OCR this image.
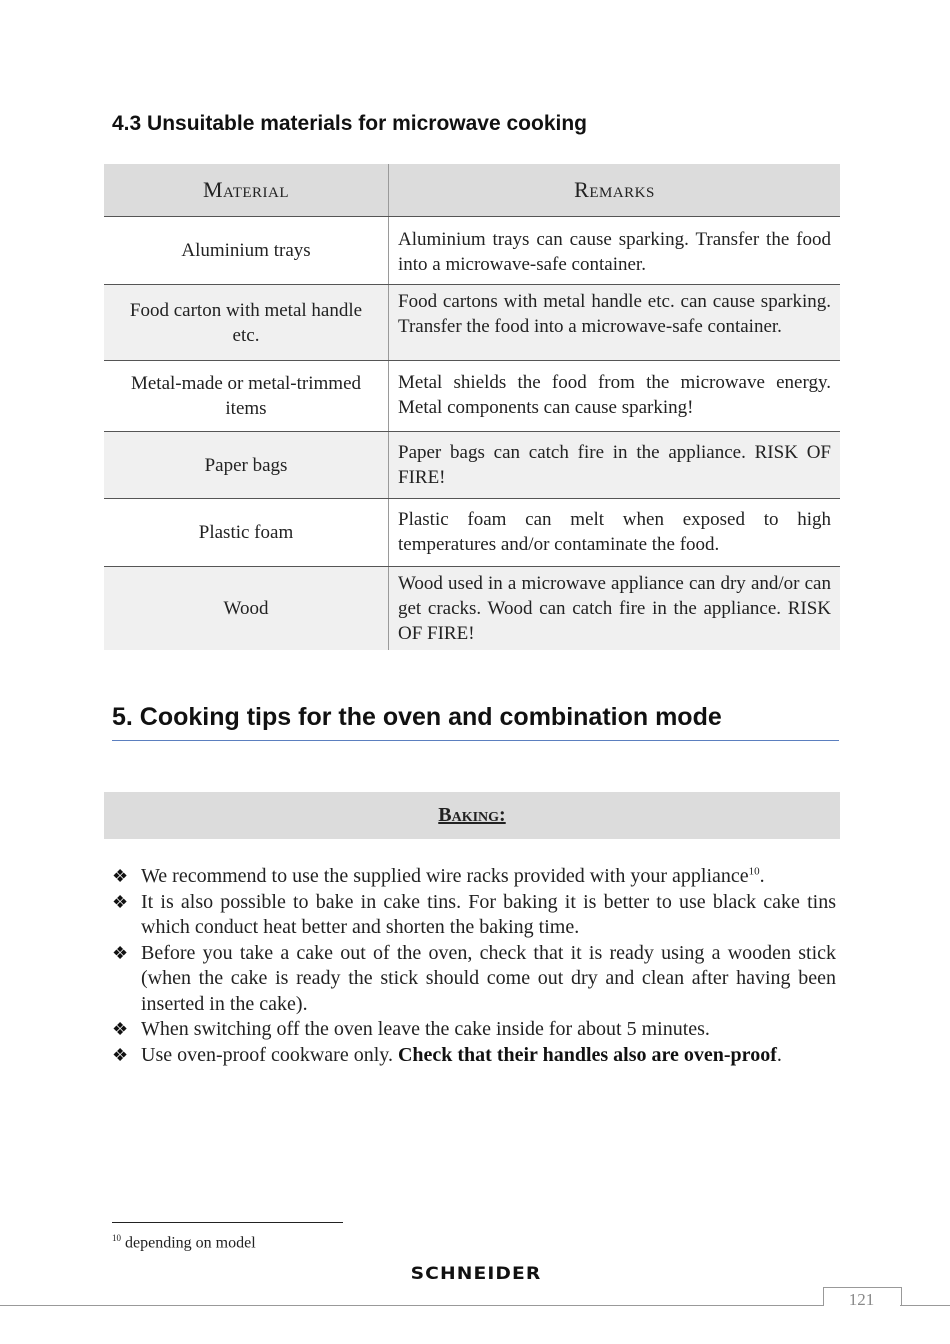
4.3 Unsuitable materials for microwave cooking
Material	Remarks
Aluminium trays	Aluminium trays can cause sparking. Transfer the food into a microwave-safe container.
Food carton with metal handle etc.	Food cartons with metal handle etc. can cause sparking. Transfer the food into a microwave-safe container.
Metal-made or metal-trimmed items	Metal shields the food from the microwave energy. Metal components can cause sparking!
Paper bags	Paper bags can catch fire in the appliance. RISK OF FIRE!
Plastic foam	Plastic foam can melt when exposed to high temperatures and/or contaminate the food.
Wood	Wood used in a microwave appliance can dry and/or can get cracks. Wood can catch fire in the appliance. RISK OF FIRE!
5. Cooking tips for the oven and combination mode
Baking:
❖ We recommend to use the supplied wire racks provided with your appliance$^{10}$.
❖ It is also possible to bake in cake tins. For baking it is better to use black cake tins which conduct heat better and shorten the baking time.
❖ Before you take a cake out of the oven, check that it is ready using a wooden stick (when the cake is ready the stick should come out dry and clean after having been inserted in the cake).
❖ When switching off the oven leave the cake inside for about 5 minutes.
❖ Use oven-proof cookware only. Check that their handles also are oven-proof.
$^{10}$ depending on model
SCHNEIDER
121
